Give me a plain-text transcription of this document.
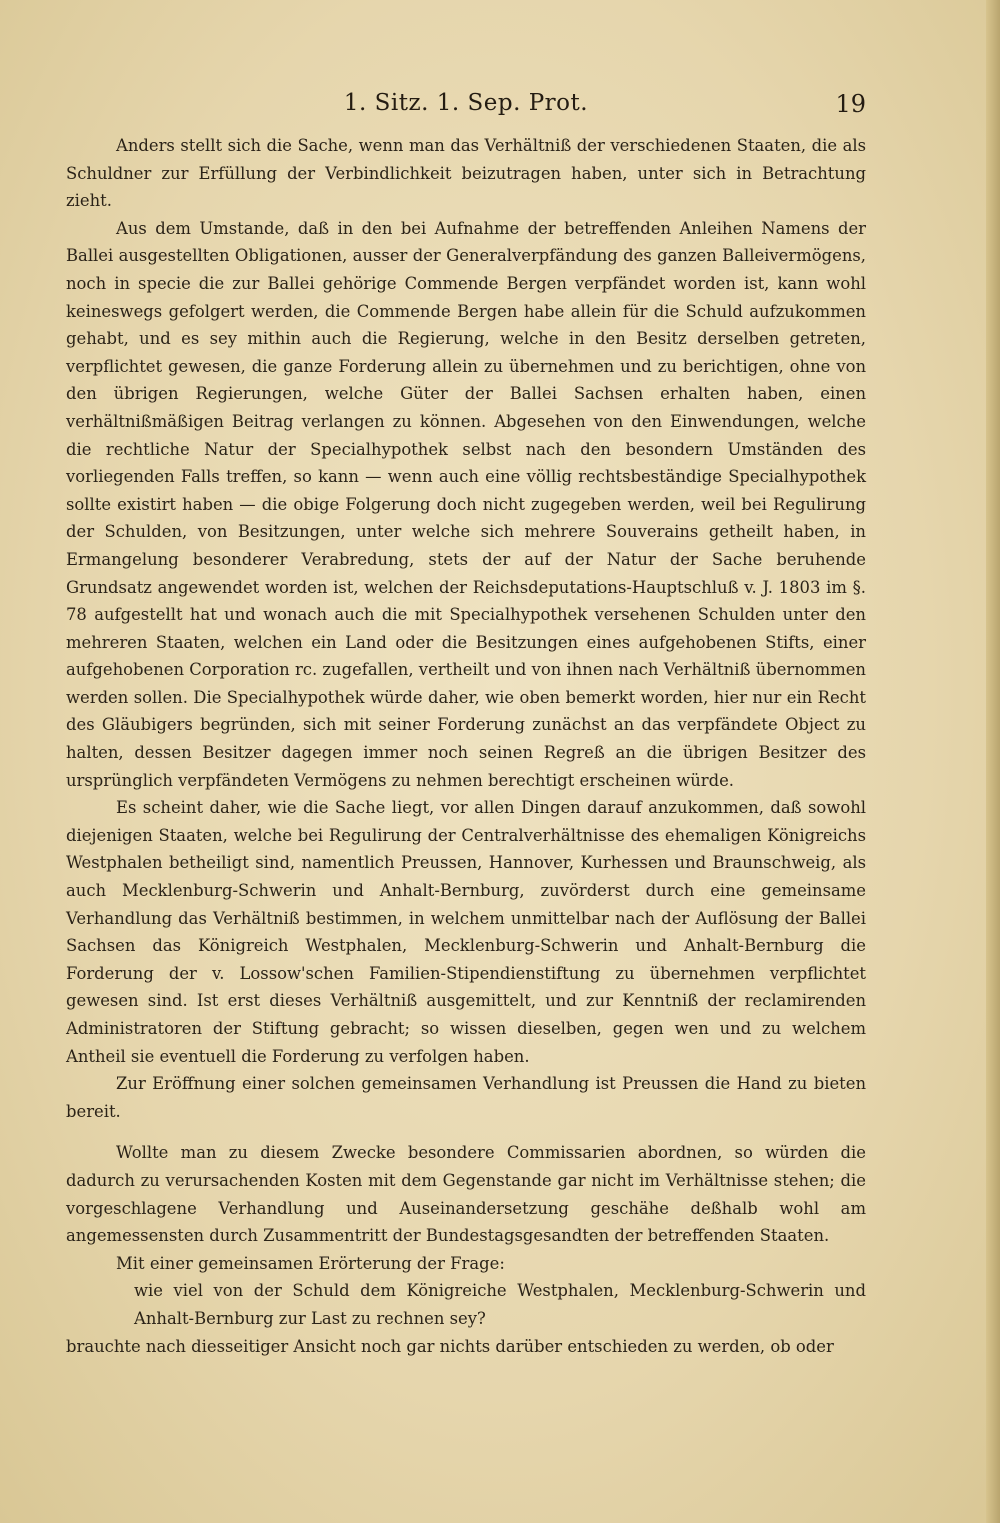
1. Sitz. 1. Sep. Prot.	19

Anders stellt sich die Sache, wenn man das Verhältniß der verschiedenen Staaten, die als Schuldner zur Erfüllung der Verbindlichkeit beizutragen haben, unter sich in Betrachtung zieht.

Aus dem Umstande, daß in den bei Aufnahme der betreffenden Anleihen Namens der Ballei ausgestellten Obligationen, ausser der Generalverpfändung des ganzen Balleivermögens, noch in specie die zur Ballei gehörige Commende Bergen verpfändet worden ist, kann wohl keineswegs gefolgert werden, die Commende Bergen habe allein für die Schuld aufzukommen gehabt, und es sey mithin auch die Regierung, welche in den Besitz derselben getreten, verpflichtet gewesen, die ganze Forderung allein zu übernehmen und zu berichtigen, ohne von den übrigen Regierungen, welche Güter der Ballei Sachsen erhalten haben, einen verhältnißmäßigen Beitrag verlangen zu können. Abgesehen von den Einwendungen, welche die rechtliche Natur der Specialhypothek selbst nach den besondern Umständen des vorliegenden Falls treffen, so kann — wenn auch eine völlig rechtsbeständige Specialhypothek sollte existirt haben — die obige Folgerung doch nicht zugegeben werden, weil bei Regulirung der Schulden, von Besitzungen, unter welche sich mehrere Souverains getheilt haben, in Ermangelung besonderer Verabredung, stets der auf der Natur der Sache beruhende Grundsatz angewendet worden ist, welchen der Reichsdeputations-Hauptschluß v. J. 1803 im §. 78 aufgestellt hat und wonach auch die mit Specialhypothek versehenen Schulden unter den mehreren Staaten, welchen ein Land oder die Besitzungen eines aufgehobenen Stifts, einer aufgehobenen Corporation rc. zugefallen, vertheilt und von ihnen nach Verhältniß übernommen werden sollen. Die Specialhypothek würde daher, wie oben bemerkt worden, hier nur ein Recht des Gläubigers begründen, sich mit seiner Forderung zunächst an das verpfändete Object zu halten, dessen Besitzer dagegen immer noch seinen Regreß an die übrigen Besitzer des ursprünglich verpfändeten Vermögens zu nehmen berechtigt erscheinen würde.

Es scheint daher, wie die Sache liegt, vor allen Dingen darauf anzukommen, daß sowohl diejenigen Staaten, welche bei Regulirung der Centralverhältnisse des ehemaligen Königreichs Westphalen betheiligt sind, namentlich Preussen, Hannover, Kurhessen und Braunschweig, als auch Mecklenburg-Schwerin und Anhalt-Bernburg, zuvörderst durch eine gemeinsame Verhandlung das Verhältniß bestimmen, in welchem unmittelbar nach der Auflösung der Ballei Sachsen das Königreich Westphalen, Mecklenburg-Schwerin und Anhalt-Bernburg die Forderung der v. Lossow'schen Familien-Stipendienstiftung zu übernehmen verpflichtet gewesen sind. Ist erst dieses Verhältniß ausgemittelt, und zur Kenntniß der reclamirenden Administratoren der Stiftung gebracht; so wissen dieselben, gegen wen und zu welchem Antheil sie eventuell die Forderung zu verfolgen haben.

Zur Eröffnung einer solchen gemeinsamen Verhandlung ist Preussen die Hand zu bieten bereit.

Wollte man zu diesem Zwecke besondere Commissarien abordnen, so würden die dadurch zu verursachenden Kosten mit dem Gegenstande gar nicht im Verhältnisse stehen; die vorgeschlagene Verhandlung und Auseinandersetzung geschähe deßhalb wohl am angemessensten durch Zusammentritt der Bundestagsgesandten der betreffenden Staaten.

Mit einer gemeinsamen Erörterung der Frage:

wie viel von der Schuld dem Königreiche Westphalen, Mecklenburg-Schwerin und Anhalt-Bernburg zur Last zu rechnen sey?

brauchte nach diesseitiger Ansicht noch gar nichts darüber entschieden zu werden, ob oder
